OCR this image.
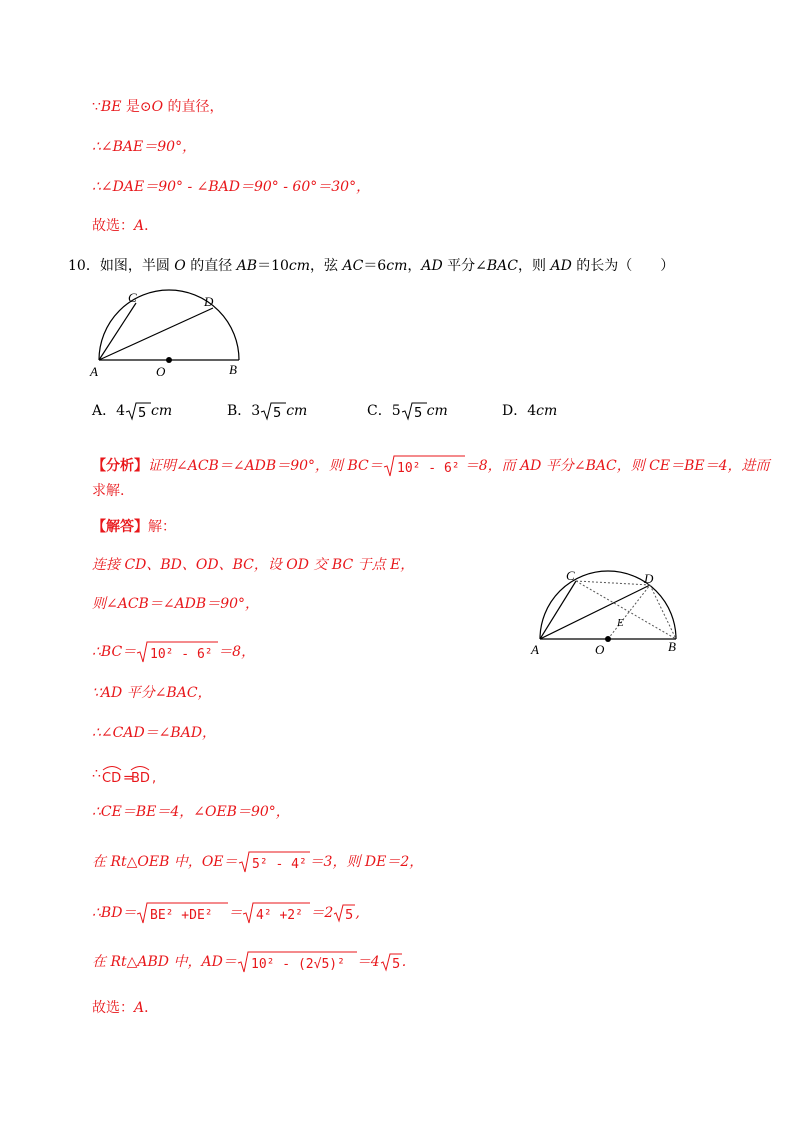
∵BE 是⊙O 的直径，
∴∠BAE＝90°，
∴∠DAE＝90° - ∠BAD＝90° - 60°＝30°，
故选：A．
10．如图，半圆 O 的直径 AB＝10cm，弦 AC＝6cm，AD 平分∠BAC，则 AD 的长为（　　）
C	D
A	O	B
A．4 5 cm	B．3 5 cm	C．5 5 cm	D．4cm
【分析】证明∠ACB＝∠ADB＝90°，则 BC＝ 10² - 6² ＝8，而 AD 平分∠BAC，则 CE＝BE＝4，进而
求解.
【解答】解：
连接 CD、BD、OD、BC，设 OD 交 BC 于点 E，
则∠ACB＝∠ADB＝90°，
∴BC＝ 10² - 6² ＝8，
∵AD 平分∠BAC，
∴∠CAD＝∠BAD，
∴ CD =
BD ,
∴CE＝BE＝4，∠OEB＝90°，
在 Rt△OEB 中，OE＝ 5² - 4² ＝3，则 DE＝2，
∴BD＝ BE² +DE² ＝ 4² +2² ＝2 5 ,
在 Rt△ABD 中，AD＝ 10² - (2√5)² ＝4 5 .
故选：A．
C	D
E
A	O	B
